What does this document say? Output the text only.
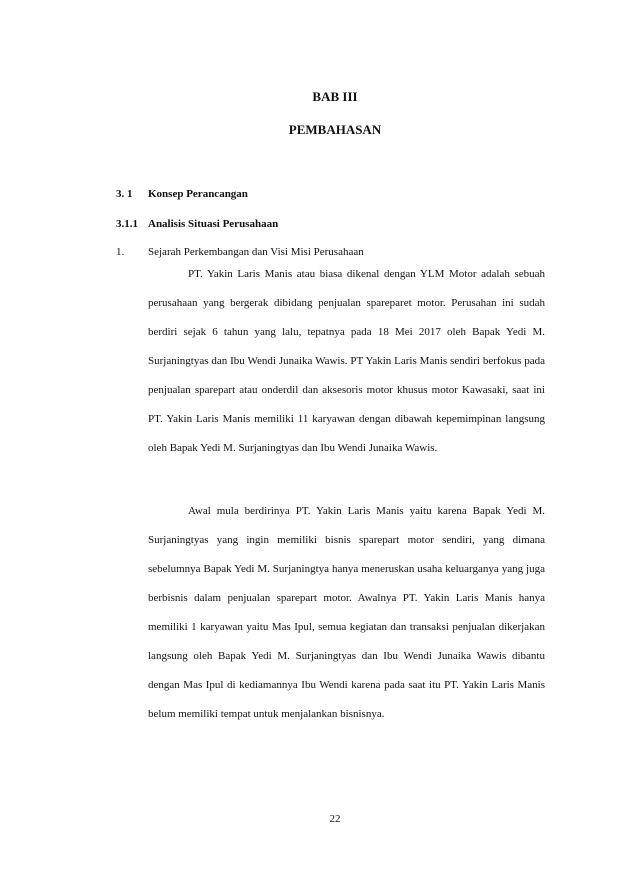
BAB III
PEMBAHASAN

3. 1 Konsep Perancangan

3.1.1 Analisis Situasi Perusahaan

1. Sejarah Perkembangan dan Visi Misi Perusahaan

PT. Yakin Laris Manis atau biasa dikenal dengan YLM Motor adalah sebuah perusahaan yang bergerak dibidang penjualan spareparet motor. Perusahan ini sudah berdiri sejak 6 tahun yang lalu, tepatnya pada 18 Mei 2017 oleh Bapak Yedi M. Surjaningtyas dan Ibu Wendi Junaika Wawis. PT Yakin Laris Manis sendiri berfokus pada penjualan sparepart atau onderdil dan aksesoris motor khusus motor Kawasaki, saat ini PT. Yakin Laris Manis memiliki 11 karyawan dengan dibawah kepemimpinan langsung oleh Bapak Yedi M. Surjaningtyas dan Ibu Wendi Junaika Wawis.

Awal mula berdirinya PT. Yakin Laris Manis yaitu karena Bapak Yedi M. Surjaningtyas yang ingin memiliki bisnis sparepart motor sendiri, yang dimana sebelumnya Bapak Yedi M. Surjaningtya hanya meneruskan usaha keluarganya yang juga berbisnis dalam penjualan sparepart motor. Awalnya PT. Yakin Laris Manis hanya memiliki 1 karyawan yaitu Mas Ipul, semua kegiatan dan transaksi penjualan dikerjakan langsung oleh Bapak Yedi M. Surjaningtyas dan Ibu Wendi Junaika Wawis dibantu dengan Mas Ipul di kediamannya Ibu Wendi karena pada saat itu PT. Yakin Laris Manis belum memiliki tempat untuk menjalankan bisnisnya.

22
